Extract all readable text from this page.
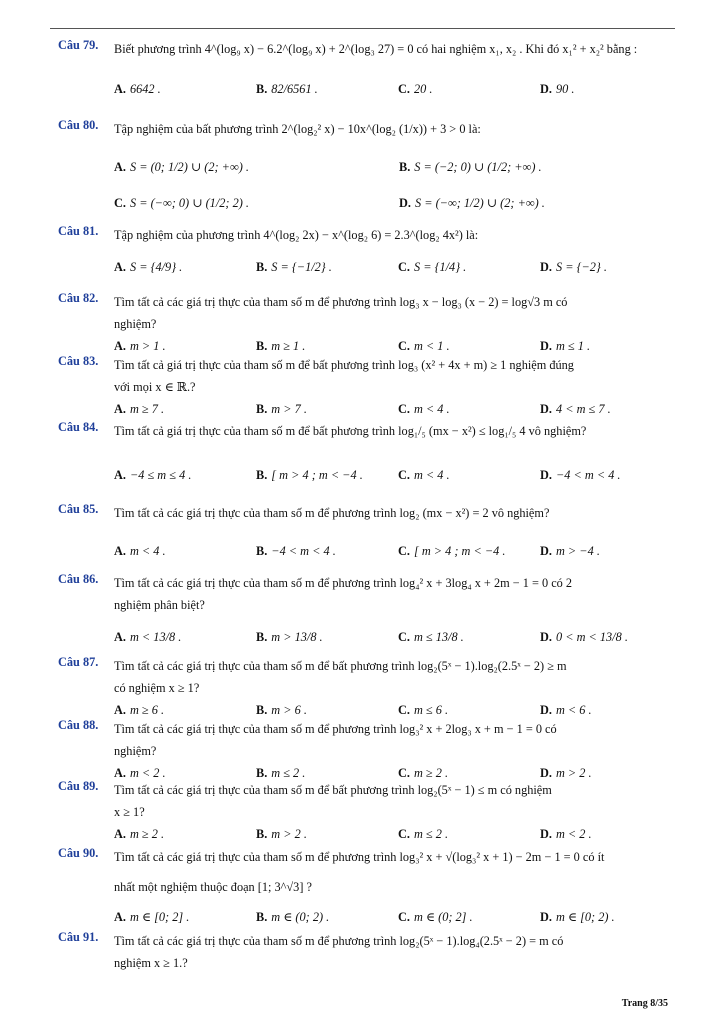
Câu 79.	Biết phương trình 4^(log₉ x) − 6.2^(log₉ x) + 2^(log₃ 27) = 0 có hai nghiệm x₁, x₂ . Khi đó x₁² + x₂² bằng :
A. 6642 .	B. 82/6561 .	C. 20 .	D. 90 .
Câu 80.	Tập nghiệm của bất phương trình 2^(log₂² x) − 10x^(log₂ (1/x)) + 3 > 0 là:
A. S = (0; 1/2) ∪ (2; +∞) .	B. S = (−2; 0) ∪ (1/2; +∞) .
C. S = (−∞; 0) ∪ (1/2; 2) .	D. S = (−∞; 1/2) ∪ (2; +∞) .
Câu 81.	Tập nghiệm của phương trình 4^(log₂ 2x) − x^(log₂ 6) = 2.3^(log₂ 4x²) là:
A. S = {4/9} .	B. S = {−1/2} .	C. S = {1/4} .	D. S = {−2} .
Câu 82.	Tìm tất cả các giá trị thực của tham số m để phương trình log₃ x − log₃ (x − 2) = log√3 m có
nghiệm?
A. m > 1 .	B. m ≥ 1 .	C. m < 1 .	D. m ≤ 1 .
Câu 83.	Tìm tất cả giá trị thực của tham số m để bất phương trình log₃ (x² + 4x + m) ≥ 1 nghiệm đúng
với mọi x ∈ ℝ.?
A. m ≥ 7 .	B. m > 7 .	C. m < 4 .	D. 4 < m ≤ 7 .
Câu 84.	Tìm tất cả giá trị thực của tham số m để bất phương trình log₁/₅ (mx − x²) ≤ log₁/₅ 4 vô nghiệm?
A. −4 ≤ m ≤ 4 .	B. [ m > 4 ; m < −4 .	C. m < 4 .	D. −4 < m < 4 .
Câu 85.	Tìm tất cả các giá trị thực của tham số m để phương trình log₂ (mx − x²) = 2 vô nghiệm?
A. m < 4 .	B. −4 < m < 4 .	C. [ m > 4 ; m < −4 .	D. m > −4 .
Câu 86.	Tìm tất cả các giá trị thực của tham số m để phương trình log₄² x + 3log₄ x + 2m − 1 = 0 có 2
nghiệm phân biệt?
A. m < 13/8 .	B. m > 13/8 .	C. m ≤ 13/8 .	D. 0 < m < 13/8 .
Câu 87.	Tìm tất cả các giá trị thực của tham số m để bất phương trình log₂(5ˣ − 1).log₂(2.5ˣ − 2) ≥ m
có nghiệm x ≥ 1?
A. m ≥ 6 .	B. m > 6 .	C. m ≤ 6 .	D. m < 6 .
Câu 88.	Tìm tất cả các giá trị thực của tham số m để phương trình log₃² x + 2log₃ x + m − 1 = 0 có
nghiệm?
A. m < 2 .	B. m ≤ 2 .	C. m ≥ 2 .	D. m > 2 .
Câu 89.	Tìm tất cả các giá trị thực của tham số m để bất phương trình log₂(5ˣ − 1) ≤ m có nghiệm
x ≥ 1?
A. m ≥ 2 .	B. m > 2 .	C. m ≤ 2 .	D. m < 2 .
Câu 90.	Tìm tất cả các giá trị thực của tham số m để phương trình log₃² x + √(log₃² x + 1) − 2m − 1 = 0 có ít
nhất một nghiệm thuộc đoạn [1; 3^√3] ?
A. m ∈ [0; 2] .	B. m ∈ (0; 2) .	C. m ∈ (0; 2] .	D. m ∈ [0; 2) .
Câu 91.	Tìm tất cả các giá trị thực của tham số m để phương trình log₂(5ˣ − 1).log₄(2.5ˣ − 2) = m có
nghiệm x ≥ 1.?
Trang 8/35
